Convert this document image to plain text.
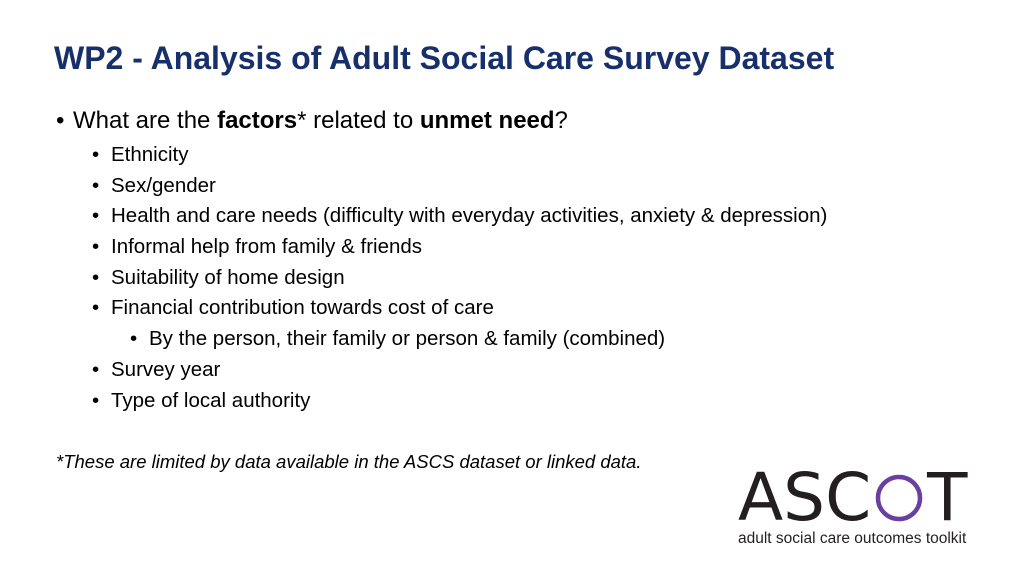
WP2 - Analysis of Adult Social Care Survey Dataset
• What are the factors* related to unmet need?
• Ethnicity
• Sex/gender
• Health and care needs (difficulty with everyday activities, anxiety & depression)
• Informal help from family & friends
• Suitability of home design
• Financial contribution towards cost of care
• By the person, their family or person & family (combined)
• Survey year
• Type of local authority
*These are limited by data available in the ASCS dataset or linked data. A S C T
adult social care outcomes toolkit
